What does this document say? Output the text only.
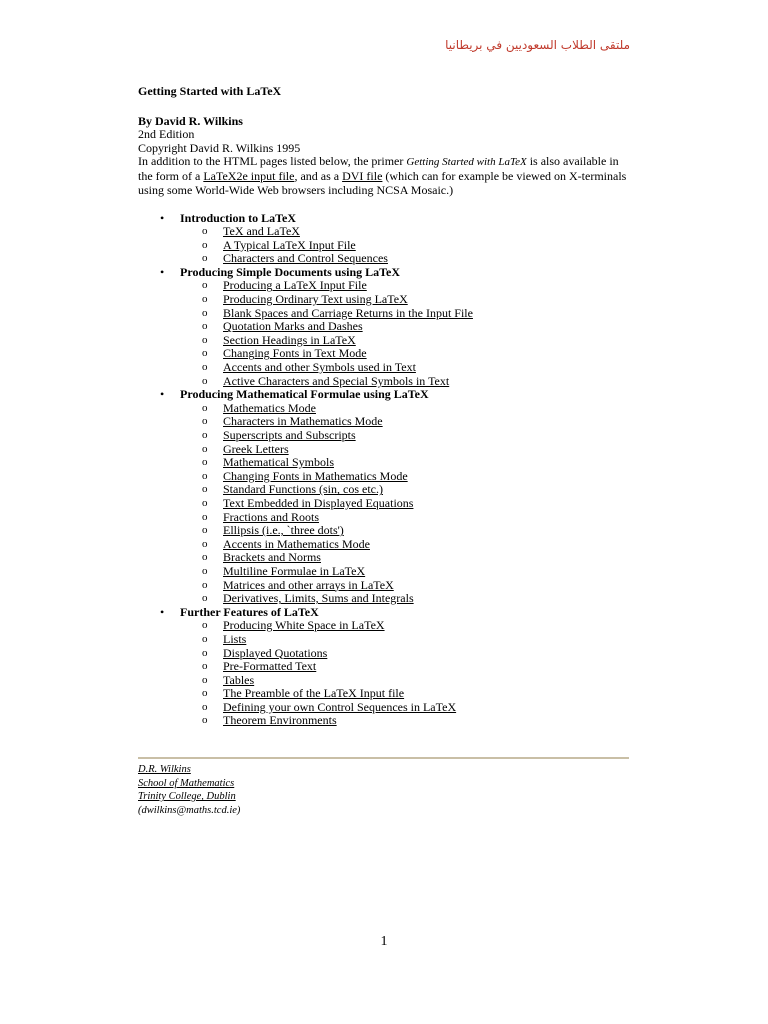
ملتقى الطلاب السعوديين في بريطانيا
Getting Started with LaTeX
By David R. Wilkins
2nd Edition
Copyright David R. Wilkins 1995
In addition to the HTML pages listed below, the primer Getting Started with LaTeX is also available in the form of a LaTeX2e input file, and as a DVI file (which can for example be viewed on X-terminals using some World-Wide Web browsers including NCSA Mosaic.)
• Introduction to LaTeX
o TeX and LaTeX
o A Typical LaTeX Input File
o Characters and Control Sequences
• Producing Simple Documents using LaTeX
o Producing a LaTeX Input File
o Producing Ordinary Text using LaTeX
o Blank Spaces and Carriage Returns in the Input File
o Quotation Marks and Dashes
o Section Headings in LaTeX
o Changing Fonts in Text Mode
o Accents and other Symbols used in Text
o Active Characters and Special Symbols in Text
• Producing Mathematical Formulae using LaTeX
o Mathematics Mode
o Characters in Mathematics Mode
o Superscripts and Subscripts
o Greek Letters
o Mathematical Symbols
o Changing Fonts in Mathematics Mode
o Standard Functions (sin, cos etc.)
o Text Embedded in Displayed Equations
o Fractions and Roots
o Ellipsis (i.e., `three dots')
o Accents in Mathematics Mode
o Brackets and Norms
o Multiline Formulae in LaTeX
o Matrices and other arrays in LaTeX
o Derivatives, Limits, Sums and Integrals
• Further Features of LaTeX
o Producing White Space in LaTeX
o Lists
o Displayed Quotations
o Pre-Formatted Text
o Tables
o The Preamble of the LaTeX Input file
o Defining your own Control Sequences in LaTeX
o Theorem Environments
D.R. Wilkins
School of Mathematics
Trinity College, Dublin
(dwilkins@maths.tcd.ie)
1
